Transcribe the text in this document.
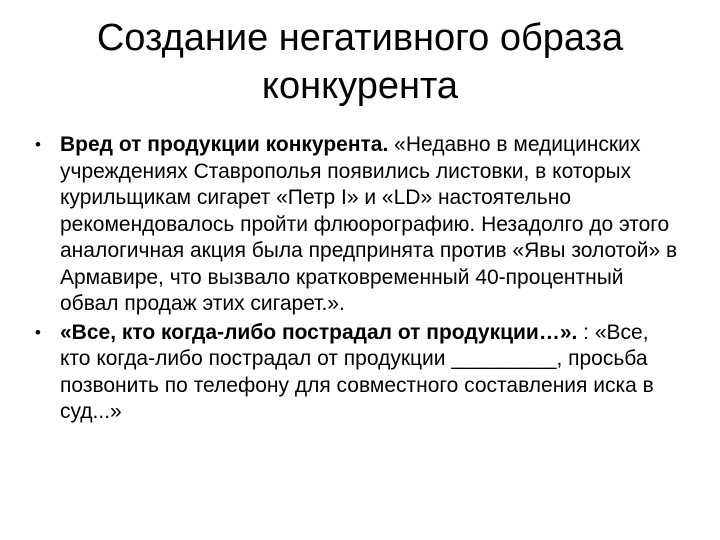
Создание негативного образа
конкурента
• Вред от продукции конкурента. «Недавно в медицинских учреждениях Ставрополья появились листовки, в которых курильщикам сигарет «Петр I» и «LD» настоятельно рекомендовалось пройти флюорографию. Незадолго до этого аналогичная акция была предпринята против «Явы золотой» в Армавире, что вызвало кратковременный 40-процентный обвал продаж этих сигарет.».
• «Все, кто когда-либо пострадал от продукции…». : «Все, кто когда-либо пострадал от продукции _________, просьба позвонить по телефону для совместного составления иска в суд...»
